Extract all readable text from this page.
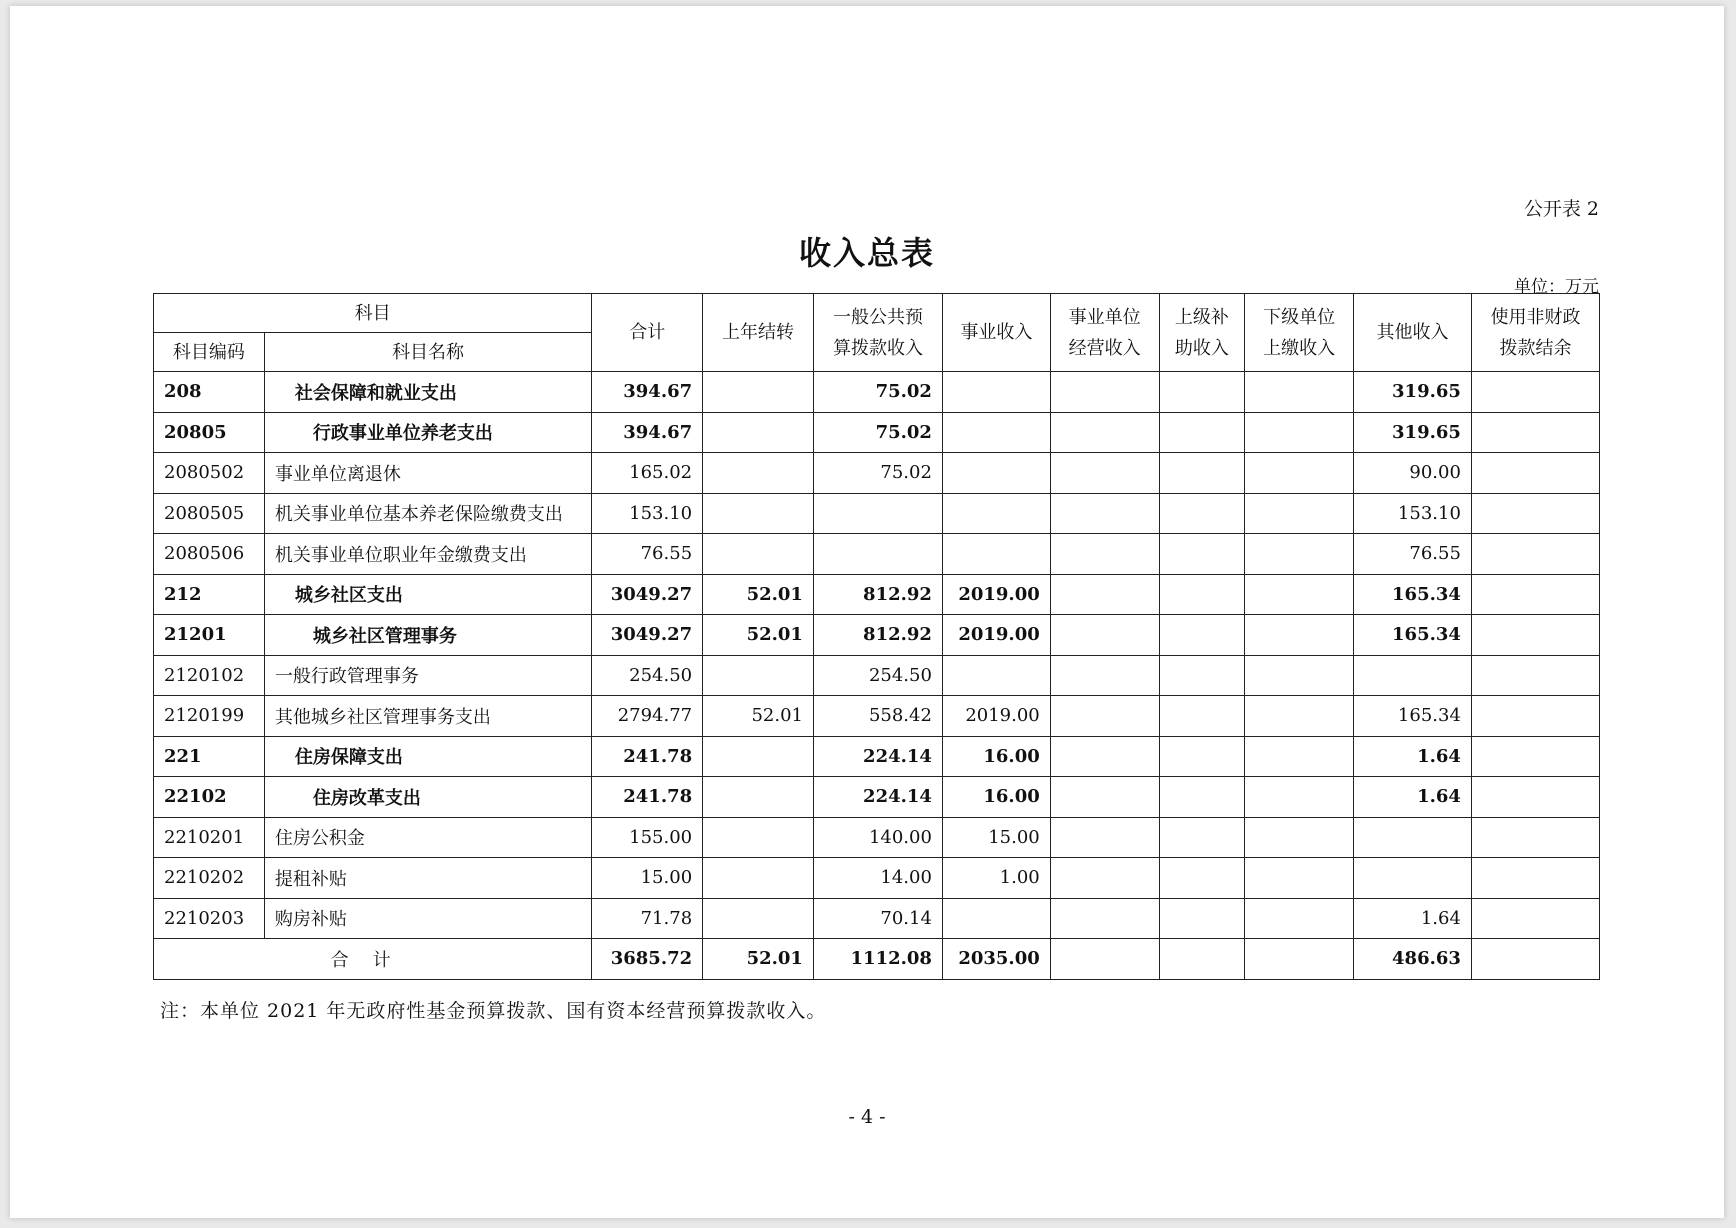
公开表 2
收入总表
单位：万元
科目		合计	上年结转	一般公共预算拨款收入	事业收入	事业单位经营收入	上级补助收入	下级单位上缴收入	其他收入	使用非财政拨款结余
科目编码	科目名称									
208	社会保障和就业支出	394.67		75.02					319.65	
20805	行政事业单位养老支出	394.67		75.02					319.65	
2080502	事业单位离退休	165.02		75.02					90.00	
2080505	机关事业单位基本养老保险缴费支出	153.10							153.10	
2080506	机关事业单位职业年金缴费支出	76.55							76.55	
212	城乡社区支出	3049.27	52.01	812.92	2019.00				165.34	
21201	城乡社区管理事务	3049.27	52.01	812.92	2019.00				165.34	
2120102	一般行政管理事务	254.50		254.50						
2120199	其他城乡社区管理事务支出	2794.77	52.01	558.42	2019.00				165.34	
221	住房保障支出	241.78		224.14	16.00				1.64	
22102	住房改革支出	241.78		224.14	16.00				1.64	
2210201	住房公积金	155.00		140.00	15.00					
2210202	提租补贴	15.00		14.00	1.00					
2210203	购房补贴	71.78		70.14					1.64	
合计		3685.72	52.01	1112.08	2035.00				486.63	
注：本单位 2021 年无政府性基金预算拨款、国有资本经营预算拨款收入。
- 4 -
